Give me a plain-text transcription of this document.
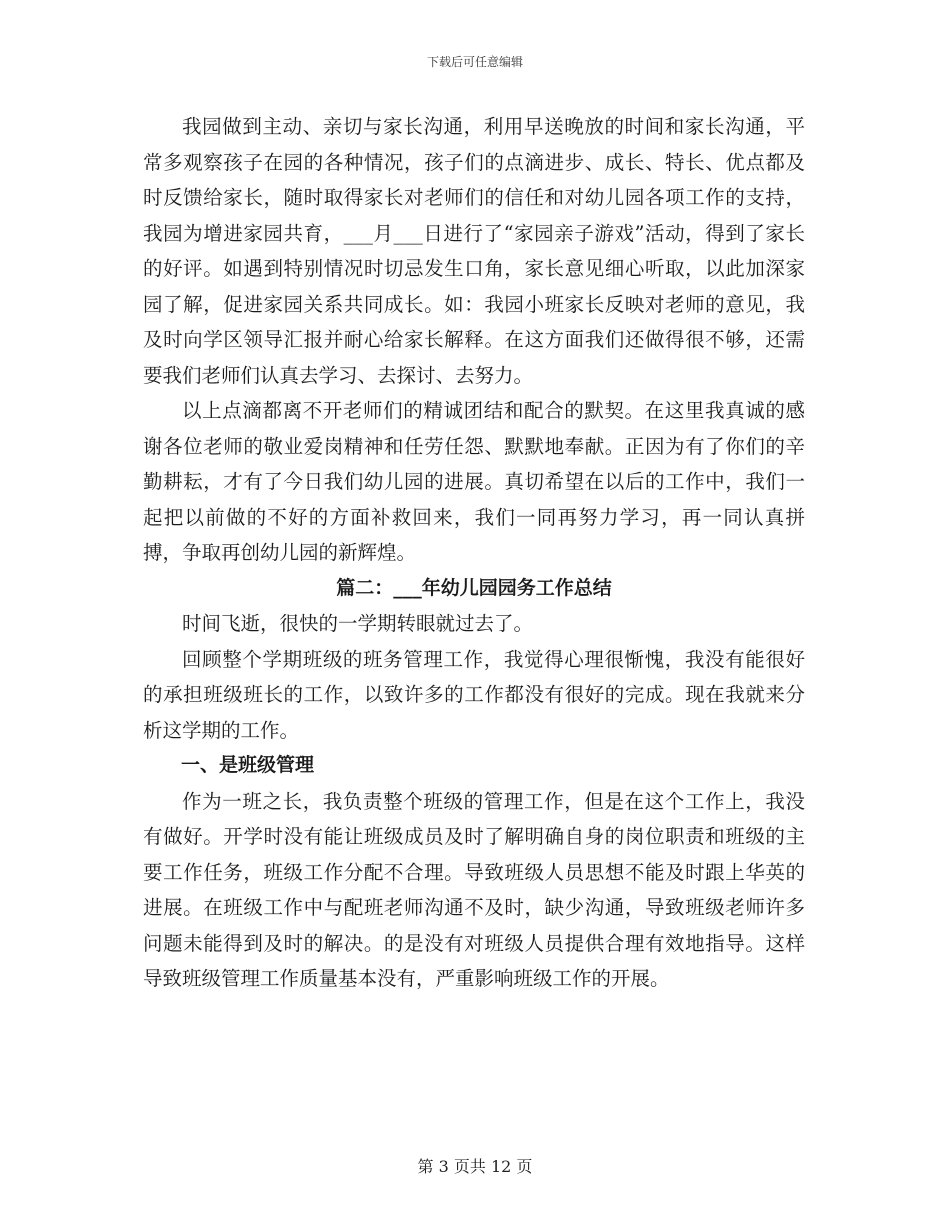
下载后可任意编辑

我园做到主动、亲切与家长沟通，利用早送晚放的时间和家长沟通，平常多观察孩子在园的各种情况，孩子们的点滴进步、成长、特长、优点都及时反馈给家长，随时取得家长对老师们的信任和对幼儿园各项工作的支持，我园为增进家园共育，___月___日进行了“家园亲子游戏”活动，得到了家长的好评。如遇到特别情况时切忌发生口角，家长意见细心听取，以此加深家园了解，促进家园关系共同成长。如：我园小班家长反映对老师的意见，我及时向学区领导汇报并耐心给家长解释。在这方面我们还做得很不够，还需要我们老师们认真去学习、去探讨、去努力。

以上点滴都离不开老师们的精诚团结和配合的默契。在这里我真诚的感谢各位老师的敬业爱岗精神和任劳任怨、默默地奉献。正因为有了你们的辛勤耕耘，才有了今日我们幼儿园的进展。真切希望在以后的工作中，我们一起把以前做的不好的方面补救回来，我们一同再努力学习，再一同认真拼搏，争取再创幼儿园的新辉煌。

篇二：___年幼儿园园务工作总结

时间飞逝，很快的一学期转眼就过去了。

回顾整个学期班级的班务管理工作，我觉得心理很惭愧，我没有能很好的承担班级班长的工作，以致许多的工作都没有很好的完成。现在我就来分析这学期的工作。

一、是班级管理

作为一班之长，我负责整个班级的管理工作，但是在这个工作上，我没有做好。开学时没有能让班级成员及时了解明确自身的岗位职责和班级的主要工作任务，班级工作分配不合理。导致班级人员思想不能及时跟上华英的进展。在班级工作中与配班老师沟通不及时，缺少沟通，导致班级老师许多问题未能得到及时的解决。的是没有对班级人员提供合理有效地指导。这样导致班级管理工作质量基本没有，严重影响班级工作的开展。

第 3 页共 12 页
